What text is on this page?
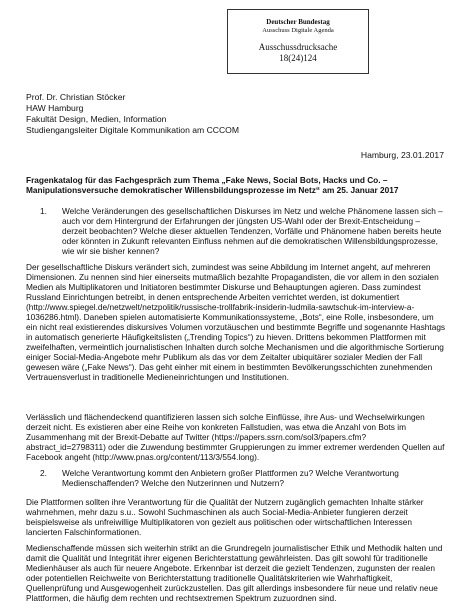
Deutscher Bundestag
Ausschuss Digitale Agenda
Ausschussdrucksache
18(24)124
Prof. Dr. Christian Stöcker
HAW Hamburg
Fakultät Design, Medien, Information
Studiengangsleiter Digitale Kommunikation am CCCOM
Hamburg, 23.01.2017
Fragenkatalog für das Fachgespräch zum Thema „Fake News, Social Bots, Hacks und Co. – Manipulationsversuche demokratischer Willensbildungsprozesse im Netz“ am 25. Januar 2017
1. Welche Veränderungen des gesellschaftlichen Diskurses im Netz und welche Phänomene lassen sich – auch vor dem Hintergrund der Erfahrungen der jüngsten US-Wahl oder der Brexit-Entscheidung – derzeit beobachten? Welche dieser aktuellen Tendenzen, Vorfälle und Phänomene haben bereits heute oder könnten in Zukunft relevanten Einfluss nehmen auf die demokratischen Willensbildungsprozesse, wie wir sie bisher kennen?
Der gesellschaftliche Diskurs verändert sich, zumindest was seine Abbildung im Internet angeht, auf mehreren Dimensionen. Zu nennen sind hier einerseits mutmaßlich bezahlte Propagandisten, die vor allem in den sozialen Medien als Multiplikatoren und Initiatoren bestimmter Diskurse und Behauptungen agieren. Dass zumindest Russland Einrichtungen betreibt, in denen entsprechende Arbeiten verrichtet werden, ist dokumentiert (http://www.spiegel.de/netzwelt/netzpolitik/russische-trollfabrik-insiderin-ludmila-sawtschuk-im-interview-a-1036286.html). Daneben spielen automatisierte Kommunikationssysteme, „Bots“, eine Rolle, insbesondere, um ein nicht real existierendes diskursives Volumen vorzutäuschen und bestimmte Begriffe und sogenannte Hashtags in automatisch generierte Häufigkeitslisten („Trending Topics“) zu hieven. Drittens bekommen Plattformen mit zweifelhaften, vermeintlich journalistischen Inhalten durch solche Mechanismen und die algorithmische Sortierung einiger Social-Media-Angebote mehr Publikum als das vor dem Zeitalter ubiquitärer sozialer Medien der Fall gewesen wäre („Fake News“). Das geht einher mit einem in bestimmten Bevölkerungsschichten zunehmenden Vertrauensverlust in traditionelle Medieneinrichtungen und Institutionen.
Verlässlich und flächendeckend quantifizieren lassen sich solche Einflüsse, ihre Aus- und Wechselwirkungen derzeit nicht. Es existieren aber eine Reihe von konkreten Fallstudien, was etwa die Anzahl von Bots im Zusammenhang mit der Brexit-Debatte auf Twitter (https://papers.ssrn.com/sol3/papers.cfm?abstract_id=2798311) oder die Zuwendung bestimmter Gruppierungen zu immer extremer werdenden Quellen auf Facebook angeht (http://www.pnas.org/content/113/3/554.long).
2. Welche Verantwortung kommt den Anbietern großer Plattformen zu? Welche Verantwortung Medienschaffenden? Welche den Nutzerinnen und Nutzern?
Die Plattformen sollten ihre Verantwortung für die Qualität der Nutzern zugänglich gemachten Inhalte stärker wahrnehmen, mehr dazu s.u.. Sowohl Suchmaschinen als auch Social-Media-Anbieter fungieren derzeit beispielsweise als unfreiwillige Multiplikatoren von gezielt aus politischen oder wirtschaftlichen Interessen lancierten Falschinformationen.
Medienschaffende müssen sich weiterhin strikt an die Grundregeln journalistischer Ethik und Methodik halten und damit die Qualität und Integrität ihrer eigenen Berichterstattung gewährleisten. Das gilt sowohl für traditionelle Medienhäuser als auch für neuere Angebote. Erkennbar ist derzeit die gezielt Tendenzen, zugunsten der realen oder potentiellen Reichweite von Berichterstattung traditionelle Qualitätskriterien wie Wahrhaftigkeit, Quellenprüfung und Ausgewogenheit zurückzustellen. Das gilt allerdings insbesondere für neue und relativ neue Plattformen, die häufig dem rechten und rechtsextremen Spektrum zuzuordnen sind.
